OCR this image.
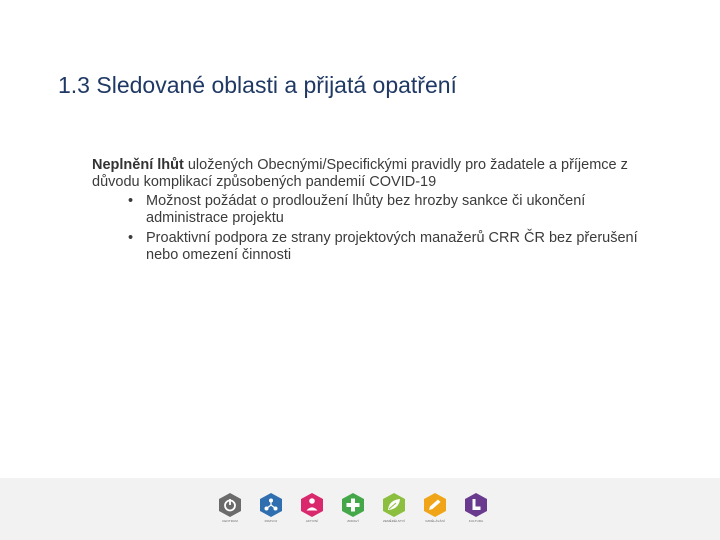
1.3 Sledované oblasti a přijatá opatření
Neplnění lhůt uložených Obecnými/Specifickými pravidly pro žadatele a příjemce z důvodu komplikací způsobených pandemií COVID-19
• Možnost požádat o prodloužení lhůty bez hrozby sankce či ukončení administrace projektu
• Proaktivní podpora ze strany projektových manažerů CRR ČR bez přerušení nebo omezení činnosti
CENTRUM	ROZVOJ	AKTIVNÍ	ZDRAVÍ	ZEMĚDĚLSTVÍ	VZDĚLÁVÁNÍ	KULTURA
